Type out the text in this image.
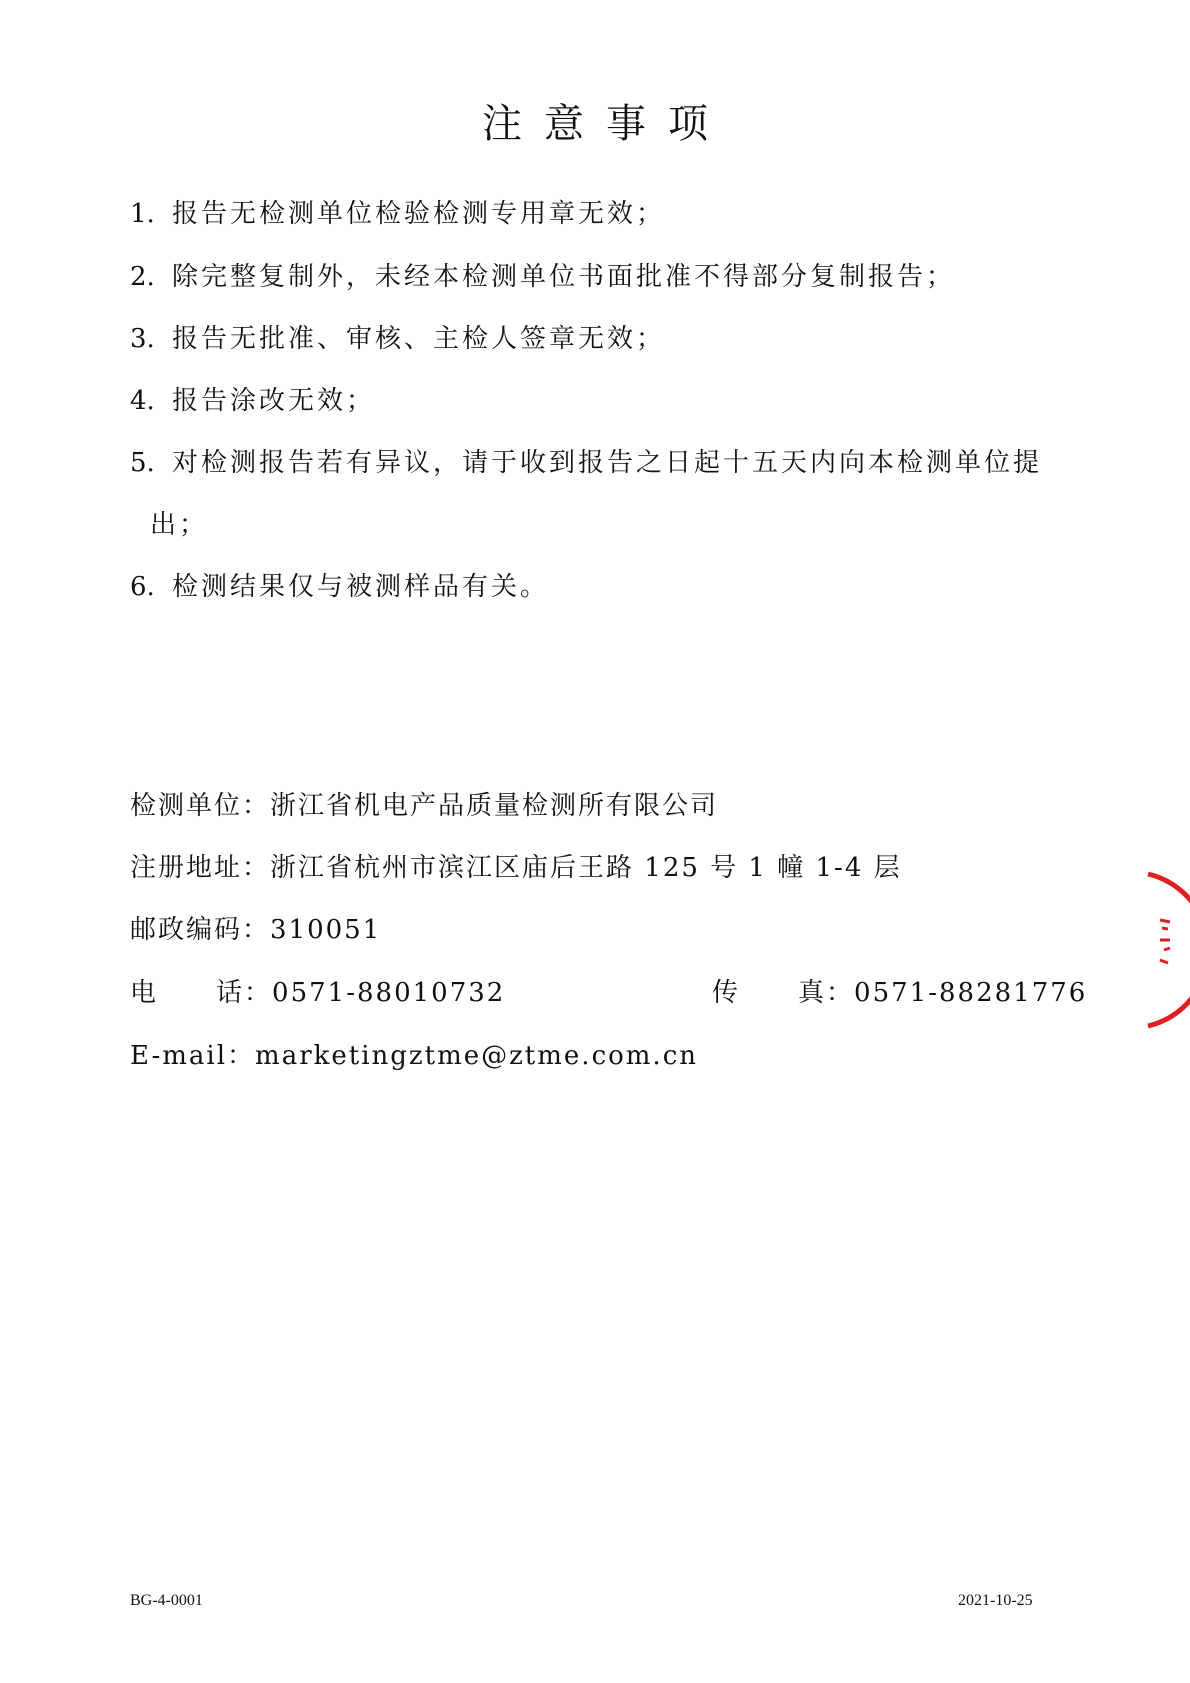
注意事项
1. 报告无检测单位检验检测专用章无效；
2. 除完整复制外，未经本检测单位书面批准不得部分复制报告；
3. 报告无批准、审核、主检人签章无效；
4. 报告涂改无效；
5. 对检测报告若有异议，请于收到报告之日起十五天内向本检测单位提
出；
6. 检测结果仅与被测样品有关。
检测单位：浙江省机电产品质量检测所有限公司
注册地址：浙江省杭州市滨江区庙后王路 125 号 1 幢 1-4 层
邮政编码：310051
电 话：0571-88010732	传 真：0571-88281776
E-mail：marketingztme@ztme.com.cn
BG-4-0001	2021-10-25
